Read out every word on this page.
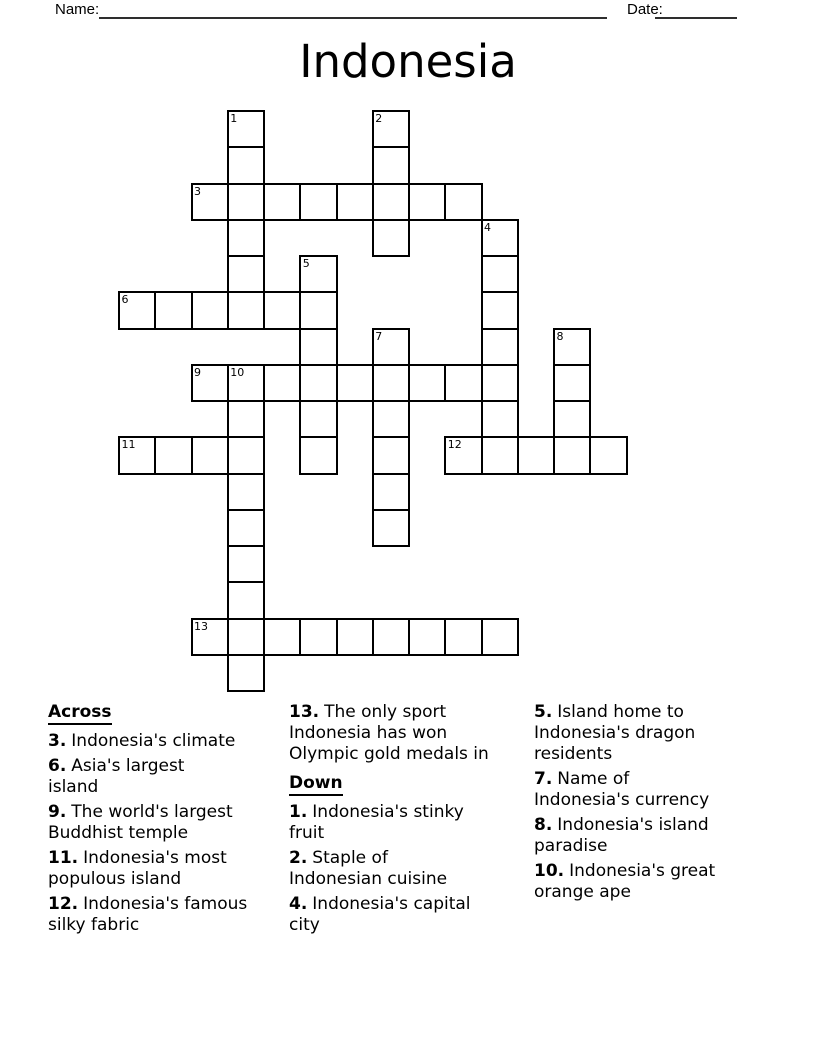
Name:	Date:
Indonesia
1	2
3
4
5
6
7	8
9	10
11	12
13
Across
3. Indonesia's climate
6. Asia's largest
island
9. The world's largest
Buddhist temple
11. Indonesia's most
populous island
12. Indonesia's famous
silky fabric
13. The only sport
Indonesia has won
Olympic gold medals in
Down
1. Indonesia's stinky
fruit
2. Staple of
Indonesian cuisine
4. Indonesia's capital
city
5. Island home to
Indonesia's dragon
residents
7. Name of
Indonesia's currency
8. Indonesia's island
paradise
10. Indonesia's great
orange ape
